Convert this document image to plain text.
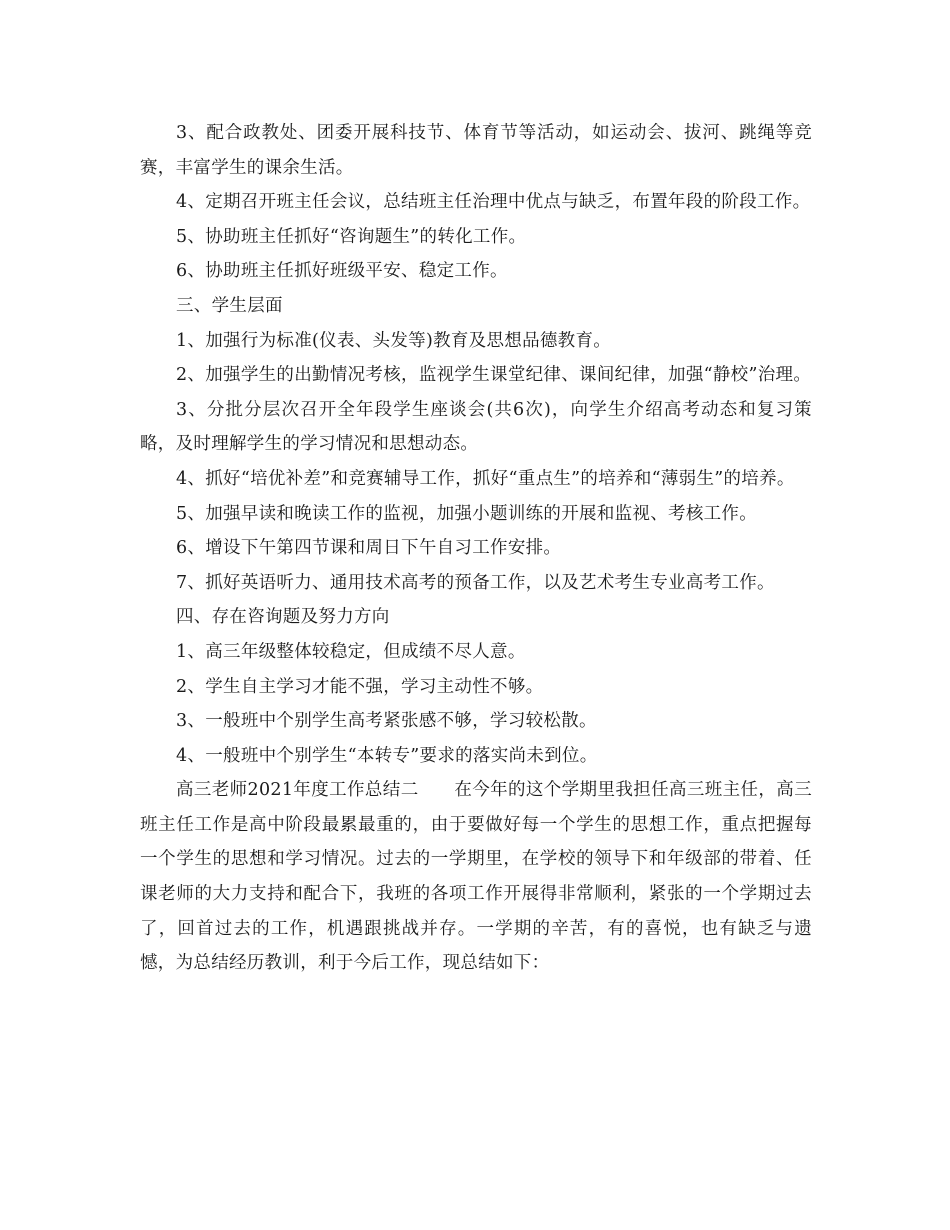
3、配合政教处、团委开展科技节、体育节等活动，如运动会、拔河、跳绳等竞赛，丰富学生的课余生活。

4、定期召开班主任会议，总结班主任治理中优点与缺乏，布置年段的阶段工作。

5、协助班主任抓好“咨询题生”的转化工作。

6、协助班主任抓好班级平安、稳定工作。

三、学生层面

1、加强行为标准(仪表、头发等)教育及思想品德教育。

2、加强学生的出勤情况考核，监视学生课堂纪律、课间纪律，加强“静校”治理。

3、分批分层次召开全年段学生座谈会(共6次)，向学生介绍高考动态和复习策略，及时理解学生的学习情况和思想动态。

4、抓好“培优补差”和竞赛辅导工作，抓好“重点生”的培养和“薄弱生”的培养。

5、加强早读和晚读工作的监视，加强小题训练的开展和监视、考核工作。

6、增设下午第四节课和周日下午自习工作安排。

7、抓好英语听力、通用技术高考的预备工作，以及艺术考生专业高考工作。

四、存在咨询题及努力方向

1、高三年级整体较稳定，但成绩不尽人意。

2、学生自主学习才能不强，学习主动性不够。

3、一般班中个别学生高考紧张感不够，学习较松散。

4、一般班中个别学生“本转专”要求的落实尚未到位。

高三老师2021年度工作总结二　　在今年的这个学期里我担任高三班主任，高三班主任工作是高中阶段最累最重的，由于要做好每一个学生的思想工作，重点把握每一个学生的思想和学习情况。过去的一学期里，在学校的领导下和年级部的带着、任课老师的大力支持和配合下，我班的各项工作开展得非常顺利，紧张的一个学期过去了，回首过去的工作，机遇跟挑战并存。一学期的辛苦，有的喜悦，也有缺乏与遗憾，为总结经历教训，利于今后工作，现总结如下：
